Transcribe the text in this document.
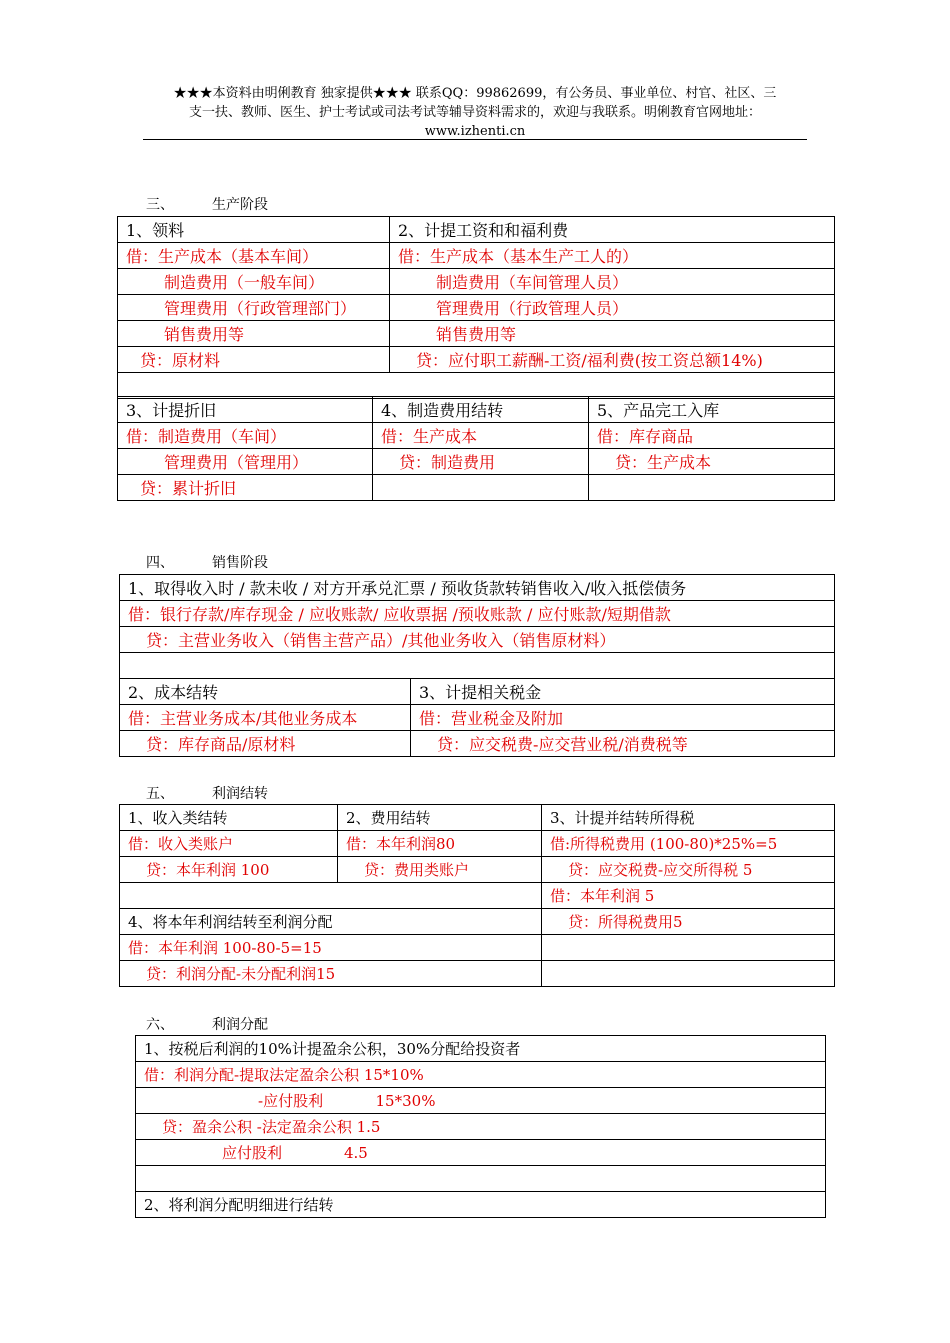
★★★本资料由明俐教育 独家提供★★★ 联系QQ：99862699，有公务员、事业单位、村官、社区、三
支一扶、教师、医生、护士考试或司法考试等辅导资料需求的，欢迎与我联系。明俐教育官网地址：
www.izhenti.cn
三、	生产阶段
1、领料	2、计提工资和和福利费
借：生产成本（基本车间）	借：生产成本（基本生产工人的）
制造费用（一般车间）	制造费用（车间管理人员）
管理费用（行政管理部门）	管理费用（行政管理人员）
销售费用等	销售费用等
贷：原材料	贷：应付职工薪酬-工资/福利费(按工资总额14%)

3、计提折旧	4、制造费用结转	5、产品完工入库
借：制造费用（车间）	借：生产成本	借：库存商品
管理费用（管理用）	贷：制造费用	贷：生产成本
贷：累计折旧		
四、	销售阶段
1、取得收入时 / 款未收 / 对方开承兑汇票 / 预收货款转销售收入/收入抵偿债务
借：银行存款/库存现金 / 应收账款/ 应收票据 /预收账款 / 应付账款/短期借款
贷：主营业务收入（销售主营产品）/其他业务收入（销售原材料）

2、成本结转	3、计提相关税金
借：主营业务成本/其他业务成本	借：营业税金及附加
贷：库存商品/原材料	贷：应交税费-应交营业税/消费税等
五、	利润结转
1、收入类结转	2、费用结转	3、计提并结转所得税
借：收入类账户	借：本年利润80	借:所得税费用 (100-80)*25%=5
贷：本年利润 100	贷：费用类账户	贷：应交税费-应交所得税 5
		借：本年利润 5
4、将本年利润结转至利润分配		贷：所得税费用5
借：本年利润 100-80-5=15		
贷：利润分配-未分配利润15		
六、	利润分配
1、按税后利润的10%计提盈余公积，30%分配给投资者
借：利润分配-提取法定盈余公积 15*10%
-应付股利           15*30%
贷：盈余公积 -法定盈余公积 1.5
应付股利             4.5

2、将利润分配明细进行结转
